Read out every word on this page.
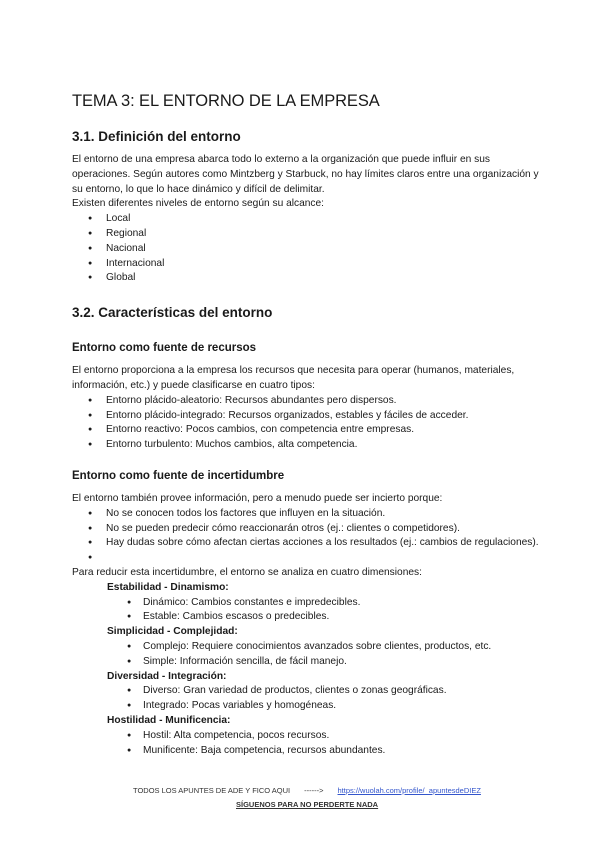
TEMA 3: EL ENTORNO DE LA EMPRESA
3.1. Definición del entorno

El entorno de una empresa abarca todo lo externo a la organización que puede influir en sus operaciones. Según autores como Mintzberg y Starbuck, no hay límites claros entre una organización y su entorno, lo que lo hace dinámico y difícil de delimitar.

Existen diferentes niveles de entorno según su alcance:

● Local
● Regional
● Nacional
● Internacional
● Global
3.2. Características del entorno
Entorno como fuente de recursos

El entorno proporciona a la empresa los recursos que necesita para operar (humanos, materiales, información, etc.) y puede clasificarse en cuatro tipos:

● Entorno plácido-aleatorio: Recursos abundantes pero dispersos.
● Entorno plácido-integrado: Recursos organizados, estables y fáciles de acceder.
● Entorno reactivo: Pocos cambios, con competencia entre empresas.
● Entorno turbulento: Muchos cambios, alta competencia.
Entorno como fuente de incertidumbre

El entorno también provee información, pero a menudo puede ser incierto porque:

● No se conocen todos los factores que influyen en la situación.
● No se pueden predecir cómo reaccionarán otros (ej.: clientes o competidores).
● Hay dudas sobre cómo afectan ciertas acciones a los resultados (ej.: cambios de regulaciones).
●

Para reducir esta incertidumbre, el entorno se analiza en cuatro dimensiones:

Estabilidad - Dinamismo:
● Dinámico: Cambios constantes e impredecibles.
● Estable: Cambios escasos o predecibles.
Simplicidad - Complejidad:
● Complejo: Requiere conocimientos avanzados sobre clientes, productos, etc.
● Simple: Información sencilla, de fácil manejo.
Diversidad - Integración:
● Diverso: Gran variedad de productos, clientes o zonas geográficas.
● Integrado: Pocas variables y homogéneas.
Hostilidad - Munificencia:
● Hostil: Alta competencia, pocos recursos.
● Munificente: Baja competencia, recursos abundantes.
TODOS LOS APUNTES DE ADE Y FICO AQUI ------> https://wuolah.com/profile/_apuntesdeDIEZ
SÍGUENOS PARA NO PERDERTE NADA
